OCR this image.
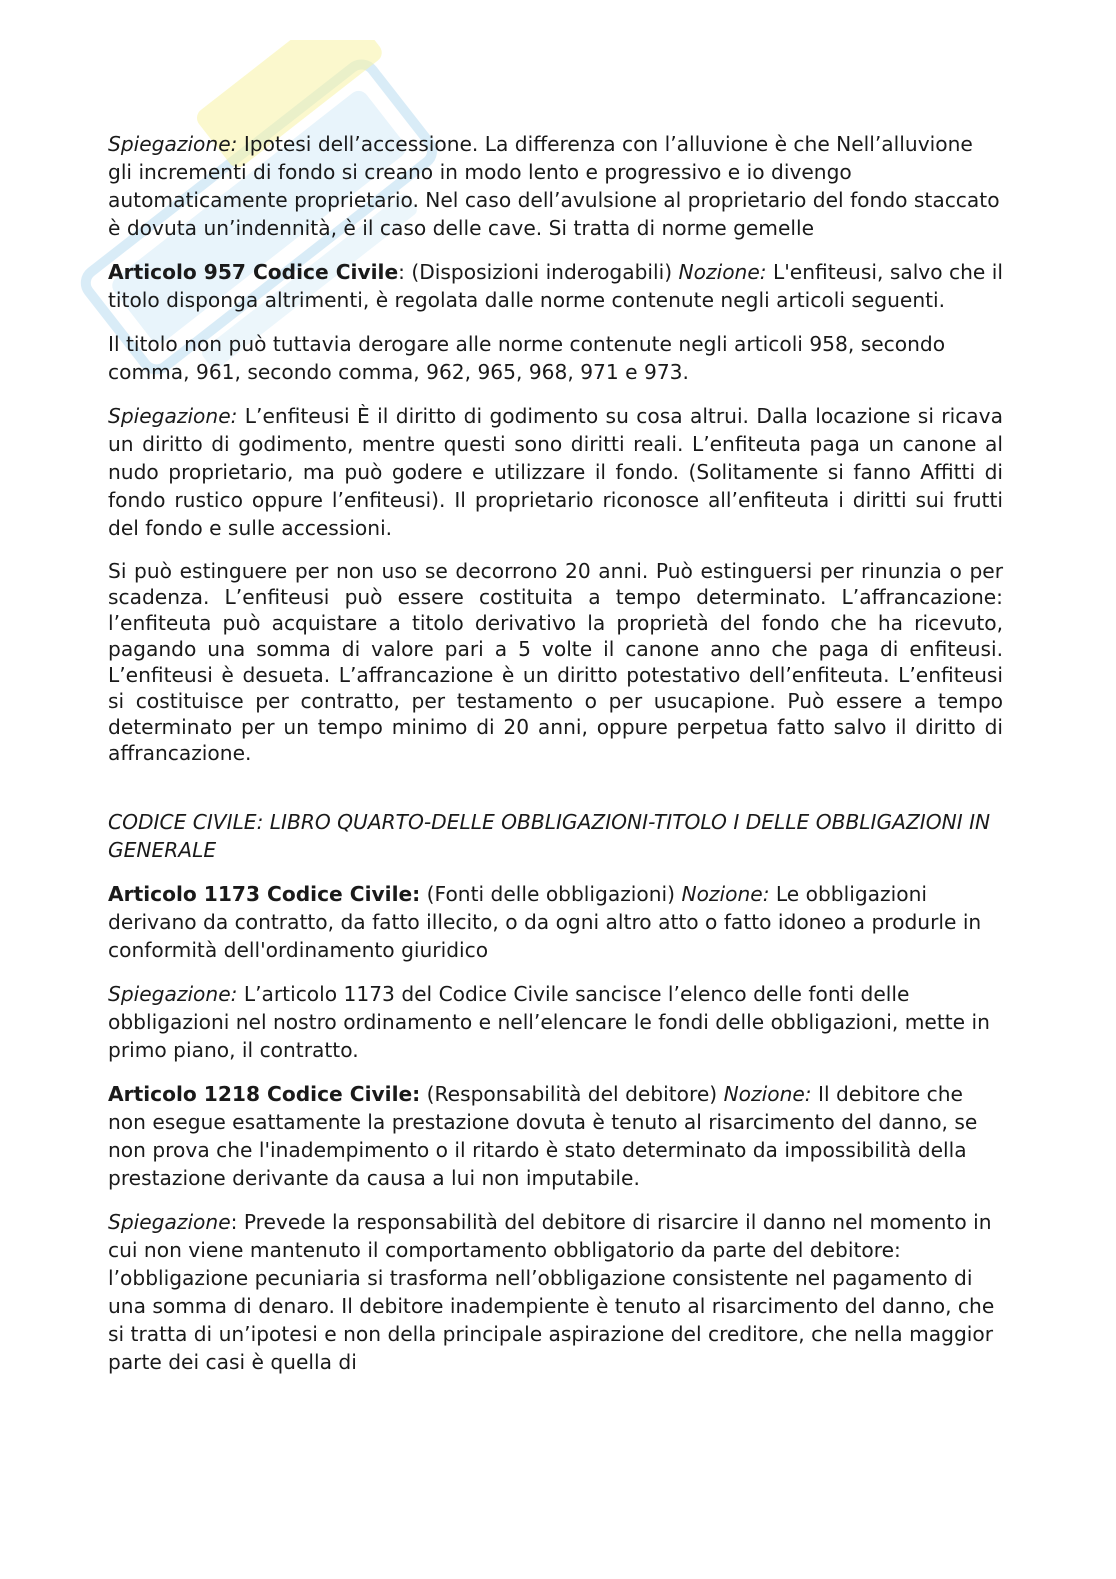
Spiegazione: Ipotesi dell’accessione. La differenza con l’alluvione è che Nell’alluvione gli incrementi di fondo si creano in modo lento e progressivo e io divengo automaticamente proprietario. Nel caso dell’avulsione al proprietario del fondo staccato è dovuta un’indennità, è il caso delle cave. Si tratta di norme gemelle

Articolo 957 Codice Civile: (Disposizioni inderogabili) Nozione: L'enfiteusi, salvo che il titolo disponga altrimenti, è regolata dalle norme contenute negli articoli seguenti.

Il titolo non può tuttavia derogare alle norme contenute negli articoli 958, secondo comma, 961, secondo comma, 962, 965, 968, 971 e 973.

Spiegazione: L’enfiteusi È il diritto di godimento su cosa altrui. Dalla locazione si ricava un diritto di godimento, mentre questi sono diritti reali. L’enfiteuta paga un canone al nudo proprietario, ma può godere e utilizzare il fondo. (Solitamente si fanno Affitti di fondo rustico oppure l’enfiteusi). Il proprietario riconosce all’enfiteuta i diritti sui frutti del fondo e sulle accessioni.

Si può estinguere per non uso se decorrono 20 anni. Può estinguersi per rinunzia o per scadenza. L’enfiteusi può essere costituita a tempo determinato. L’affrancazione: l’enfiteuta può acquistare a titolo derivativo la proprietà del fondo che ha ricevuto, pagando una somma di valore pari a 5 volte il canone anno che paga di enfiteusi. L’enfiteusi è desueta. L’affrancazione è un diritto potestativo dell’enfiteuta. L’enfiteusi si costituisce per contratto, per testamento o per usucapione. Può essere a tempo determinato per un tempo minimo di 20 anni, oppure perpetua fatto salvo il diritto di affrancazione.

CODICE CIVILE: LIBRO QUARTO-DELLE OBBLIGAZIONI-TITOLO I DELLE OBBLIGAZIONI IN GENERALE

Articolo 1173 Codice Civile: (Fonti delle obbligazioni) Nozione: Le obbligazioni derivano da contratto, da fatto illecito, o da ogni altro atto o fatto idoneo a produrle in conformità dell'ordinamento giuridico

Spiegazione: L’articolo 1173 del Codice Civile sancisce l’elenco delle fonti delle obbligazioni nel nostro ordinamento e nell’elencare le fondi delle obbligazioni, mette in primo piano, il contratto.

Articolo 1218 Codice Civile: (Responsabilità del debitore) Nozione: Il debitore che non esegue esattamente la prestazione dovuta è tenuto al risarcimento del danno, se non prova che l'inadempimento o il ritardo è stato determinato da impossibilità della prestazione derivante da causa a lui non imputabile.

Spiegazione: Prevede la responsabilità del debitore di risarcire il danno nel momento in cui non viene mantenuto il comportamento obbligatorio da parte del debitore: l’obbligazione pecuniaria si trasforma nell’obbligazione consistente nel pagamento di una somma di denaro. Il debitore inadempiente è tenuto al risarcimento del danno, che si tratta di un’ipotesi e non della principale aspirazione del creditore, che nella maggior parte dei casi è quella di
